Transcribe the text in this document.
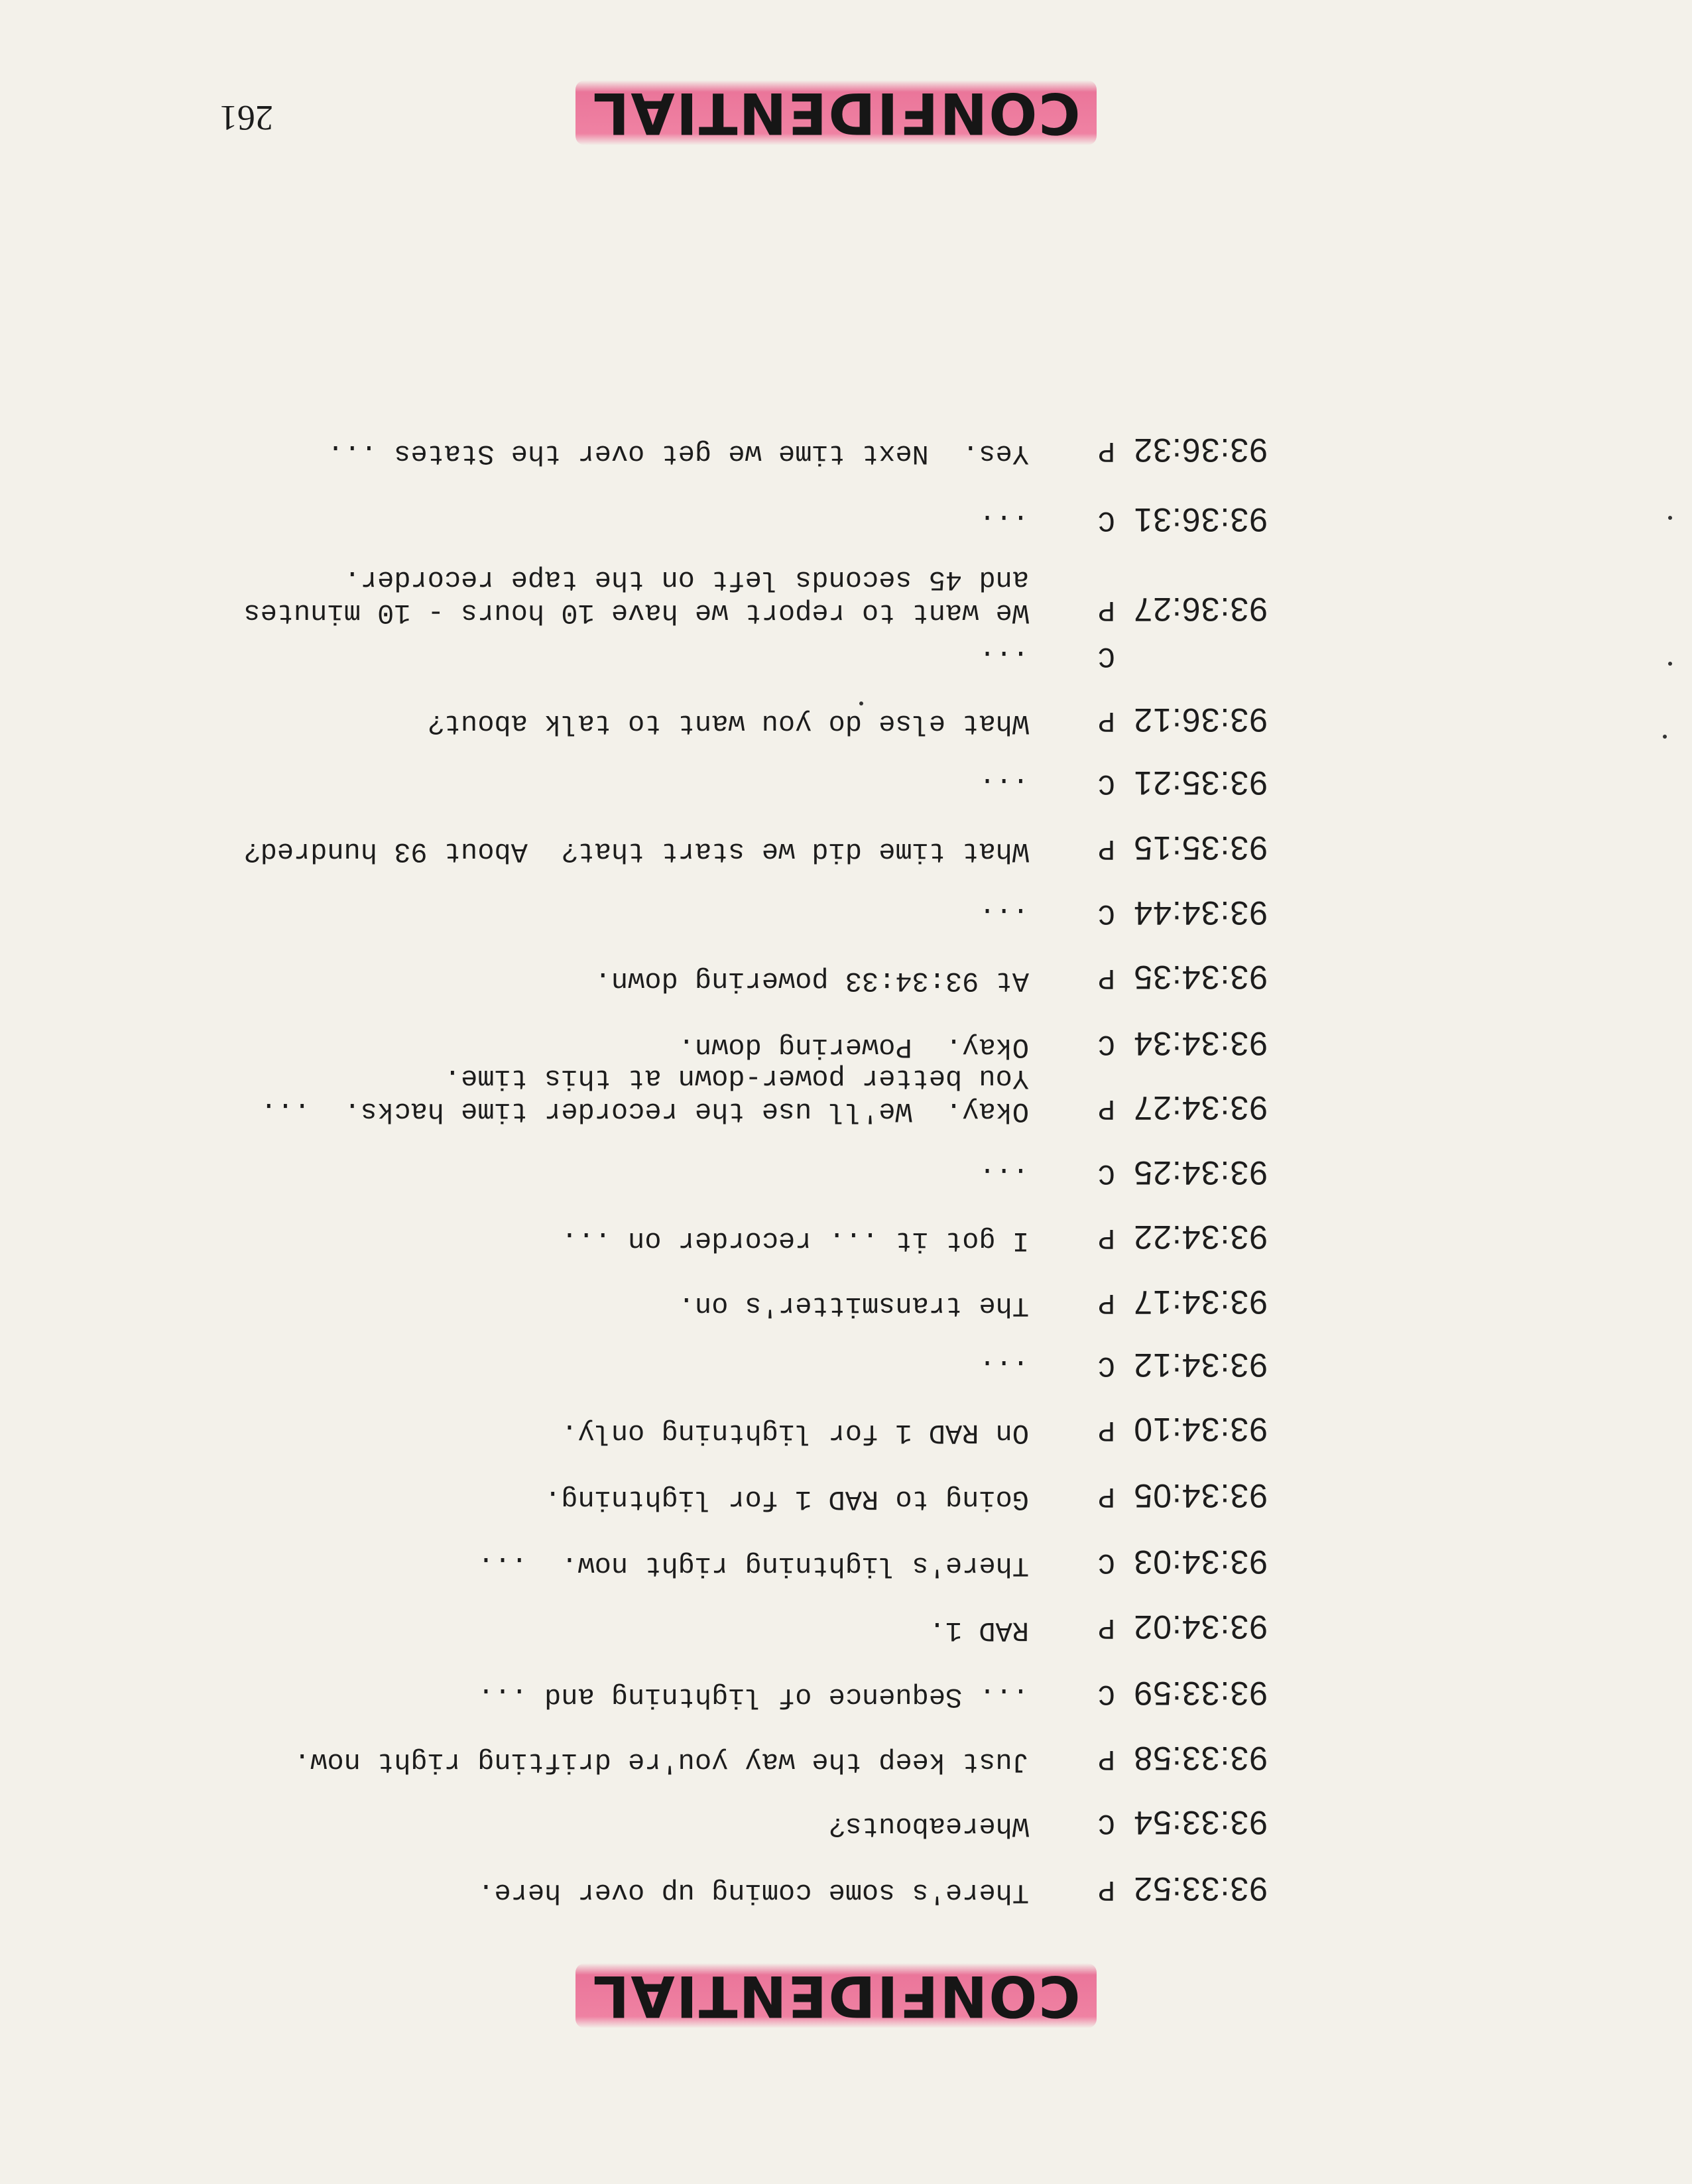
CONFIDENTIAL
93:33:52
P
There's some coming up over here.
93:33:54
C
Whereabouts?
93:33:58
P
Just keep the way you're drifting right now.
93:33:59
C
... Sequence of lightning and ...
93:34:02
P
RAD 1.
93:34:03
C
There's lightning right now.  ...
93:34:05
P
Going to RAD 1 for lightning.
93:34:10
P
On RAD 1 for lightning only.
93:34:12
C
...
93:34:17
P
The transmitter's on.
93:34:22
P
I got it ... recorder on ...
93:34:25
C
...
93:34:27
P
Okay.  We'll use the recorder time hacks.  ...
You better power-down at this time.
93:34:34
C
Okay.  Powering down.
93:34:35
P
At 93:34:33 powering down.
93:34:44
C
...
93:35:15
P
What time did we start that?  About 93 hundred?
93:35:21
C
...
93:36:12
P
What else do you want to talk about?
C
...
93:36:27
P
We want to report we have 10 hours - 10 minutes
and 45 seconds left on the tape recorder.
93:36:31
C
...
93:36:32
P
Yes.  Next time we get over the States ...
CONFIDENTIAL
261
